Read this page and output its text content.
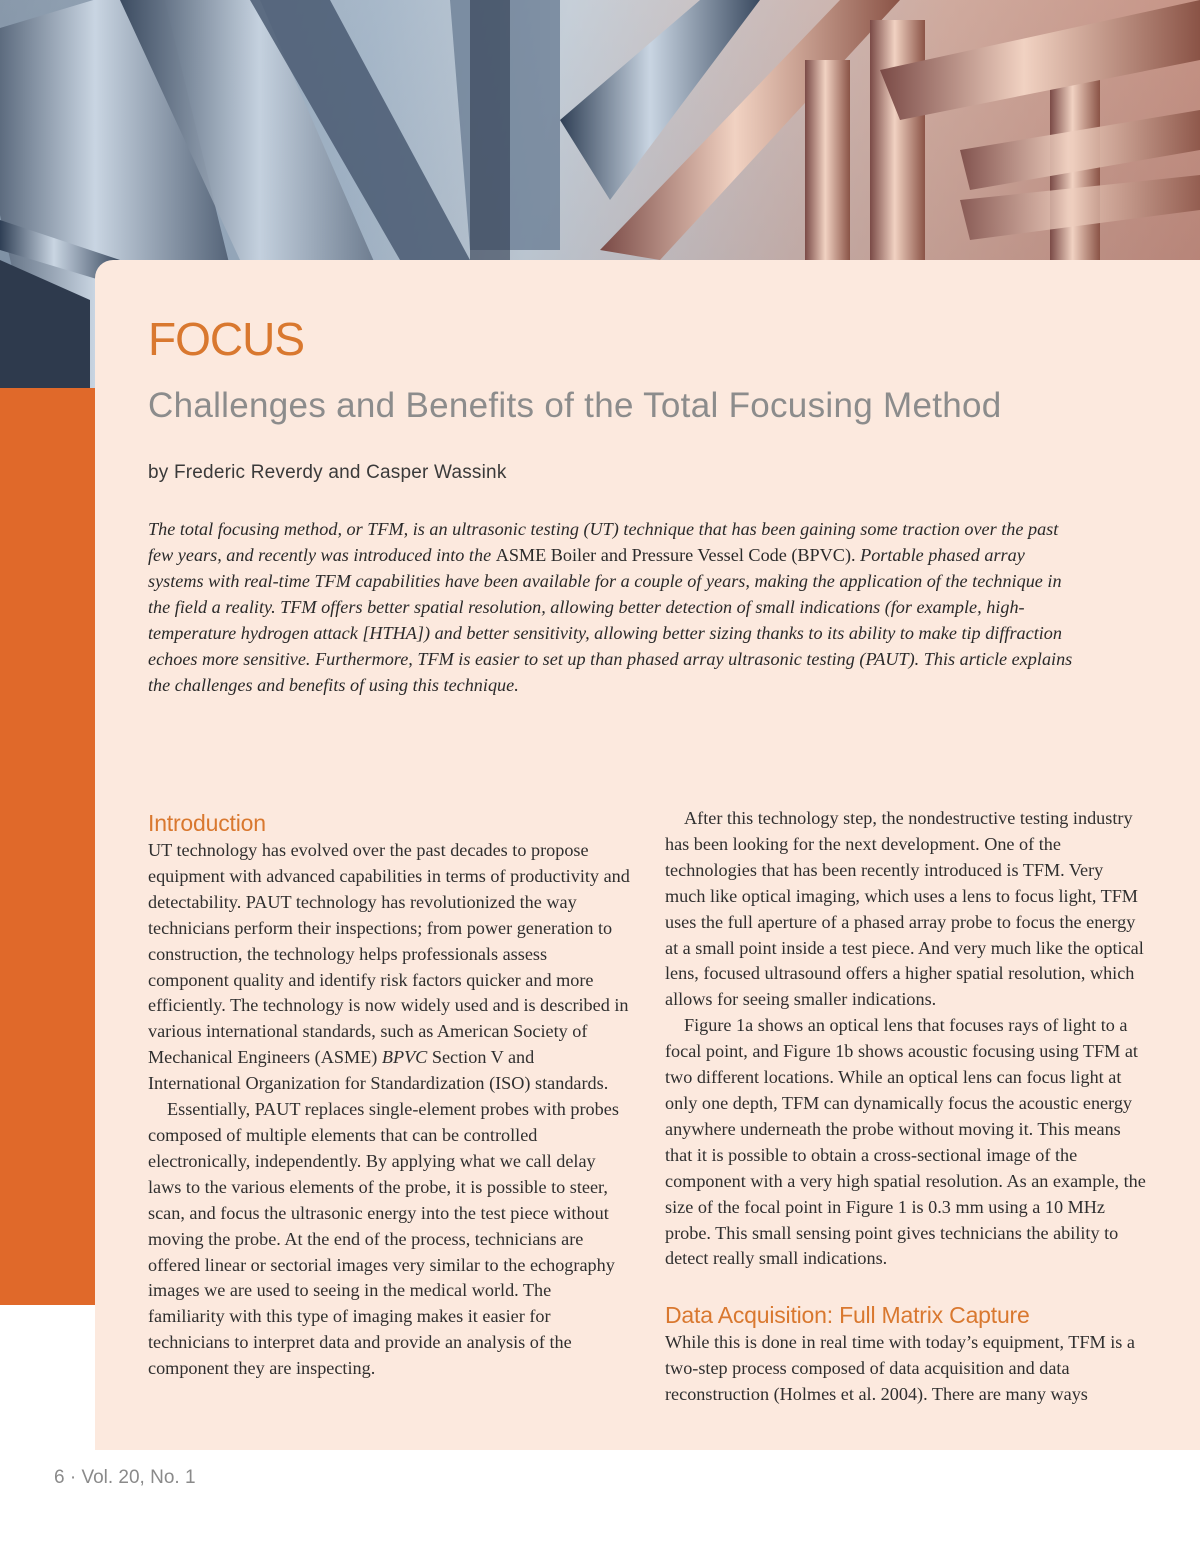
FOCUS
Challenges and Benefits of the Total Focusing Method

by Frederic Reverdy and Casper Wassink

The total focusing method, or TFM, is an ultrasonic testing (UT) technique that has been gaining some traction over the past few years, and recently was introduced into the ASME Boiler and Pressure Vessel Code (BPVC). Portable phased array systems with real-time TFM capabilities have been available for a couple of years, making the application of the technique in the field a reality. TFM offers better spatial resolution, allowing better detection of small indications (for example, high-temperature hydrogen attack [HTHA]) and better sensitivity, allowing better sizing thanks to its ability to make tip diffraction echoes more sensitive. Furthermore, TFM is easier to set up than phased array ultrasonic testing (PAUT). This article explains the challenges and benefits of using this technique.

Introduction

UT technology has evolved over the past decades to propose equipment with advanced capabilities in terms of productivity and detectability. PAUT technology has revolutionized the way technicians perform their inspections; from power generation to construction, the technology helps professionals assess component quality and identify risk factors quicker and more efficiently. The technology is now widely used and is described in various international standards, such as American Society of Mechanical Engineers (ASME) BPVC Section V and International Organization for Standardization (ISO) standards.

Essentially, PAUT replaces single-element probes with probes composed of multiple elements that can be controlled electronically, independently. By applying what we call delay laws to the various elements of the probe, it is possible to steer, scan, and focus the ultrasonic energy into the test piece without moving the probe. At the end of the process, technicians are offered linear or sectorial images very similar to the echography images we are used to seeing in the medical world. The familiarity with this type of imaging makes it easier for technicians to interpret data and provide an analysis of the component they are inspecting.

After this technology step, the nondestructive testing industry has been looking for the next development. One of the technologies that has been recently introduced is TFM. Very much like optical imaging, which uses a lens to focus light, TFM uses the full aperture of a phased array probe to focus the energy at a small point inside a test piece. And very much like the optical lens, focused ultrasound offers a higher spatial resolution, which allows for seeing smaller indications.

Figure 1a shows an optical lens that focuses rays of light to a focal point, and Figure 1b shows acoustic focusing using TFM at two different locations. While an optical lens can focus light at only one depth, TFM can dynamically focus the acoustic energy anywhere underneath the probe without moving it. This means that it is possible to obtain a cross-sectional image of the component with a very high spatial resolution. As an example, the size of the focal point in Figure 1 is 0.3 mm using a 10 MHz probe. This small sensing point gives technicians the ability to detect really small indications.

Data Acquisition: Full Matrix Capture

While this is done in real time with today’s equipment, TFM is a two-step process composed of data acquisition and data reconstruction (Holmes et al. 2004). There are many ways

6 · Vol. 20, No. 1
